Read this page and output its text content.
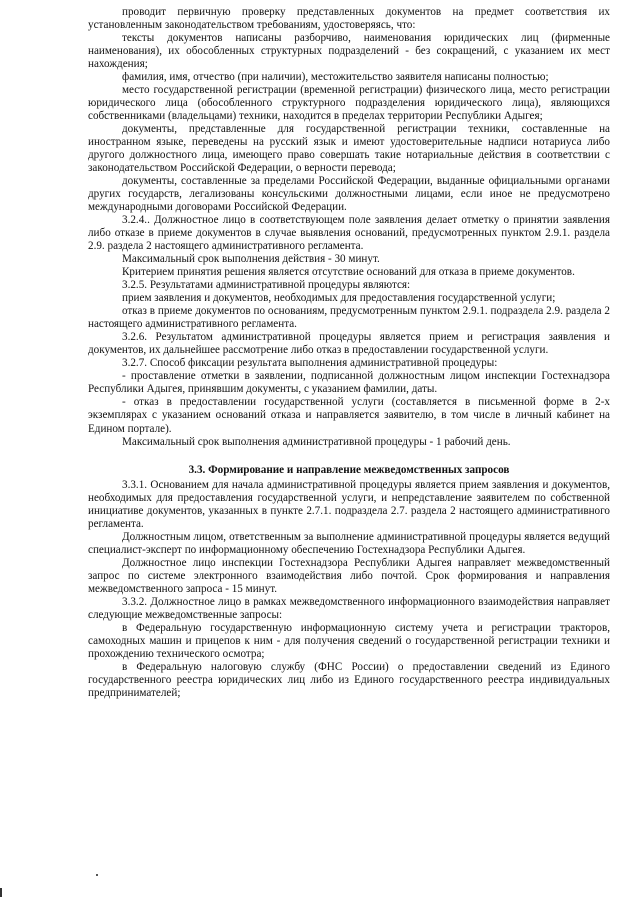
проводит первичную проверку представленных документов на предмет соответствия их установленным законодательством требованиям, удостоверяясь, что:

тексты документов написаны разборчиво, наименования юридических лиц (фирменные наименования), их обособленных структурных подразделений - без сокращений, с указанием их мест нахождения;

фамилия, имя, отчество (при наличии), местожительство заявителя написаны полностью;

место государственной регистрации (временной регистрации) физического лица, место регистрации юридического лица (обособленного структурного подразделения юридического лица), являющихся собственниками (владельцами) техники, находится в пределах территории Республики Адыгея;

документы, представленные для государственной регистрации техники, составленные на иностранном языке, переведены на русский язык и имеют удостоверительные надписи нотариуса либо другого должностного лица, имеющего право совершать такие нотариальные действия в соответствии с законодательством Российской Федерации, о верности перевода;

документы, составленные за пределами Российской Федерации, выданные официальными органами других государств, легализованы консульскими должностными лицами, если иное не предусмотрено международными договорами Российской Федерации.

3.2.4.. Должностное лицо в соответствующем поле заявления делает отметку о принятии заявления либо отказе в приеме документов в случае выявления оснований, предусмотренных пунктом 2.9.1. раздела 2.9. раздела 2 настоящего административного регламента.

Максимальный срок выполнения действия - 30 минут.

Критерием принятия решения является отсутствие оснований для отказа в приеме документов.

3.2.5. Результатами административной процедуры являются:

прием заявления и документов, необходимых для предоставления государственной услуги;

отказ в приеме документов по основаниям, предусмотренным пунктом 2.9.1. подраздела 2.9. раздела 2 настоящего административного регламента.

3.2.6. Результатом административной процедуры является прием и регистрация заявления и документов, их дальнейшее рассмотрение либо отказ в предоставлении государственной услуги.

3.2.7. Способ фиксации результата выполнения административной процедуры:

- проставление отметки в заявлении, подписанной должностным лицом инспекции Гостехнадзора Республики Адыгея, принявшим документы, с указанием фамилии, даты.

- отказ в предоставлении государственной услуги (составляется в письменной форме в 2-х экземплярах с указанием оснований отказа и направляется заявителю, в том числе в личный кабинет на Едином портале).

Максимальный срок выполнения административной процедуры - 1 рабочий день.

3.3. Формирование и направление межведомственных запросов

3.3.1. Основанием для начала административной процедуры является прием заявления и документов, необходимых для предоставления государственной услуги, и непредставление заявителем по собственной инициативе документов, указанных в пункте 2.7.1. подраздела 2.7. раздела 2 настоящего административного регламента.

Должностным лицом, ответственным за выполнение административной процедуры является ведущий специалист-эксперт по информационному обеспечению Гостехнадзора Республики Адыгея.

Должностное лицо инспекции Гостехнадзора Республики Адыгея направляет межведомственный запрос по системе электронного взаимодействия либо почтой. Срок формирования и направления межведомственного запроса - 15 минут.

3.3.2. Должностное лицо в рамках межведомственного информационного взаимодействия направляет следующие межведомственные запросы:

в Федеральную государственную информационную систему учета и регистрации тракторов, самоходных машин и прицепов к ним - для получения сведений о государственной регистрации техники и прохождению технического осмотра;

в Федеральную налоговую службу (ФНС России) о предоставлении сведений из Единого государственного реестра юридических лиц либо из Единого государственного реестра индивидуальных предпринимателей;
